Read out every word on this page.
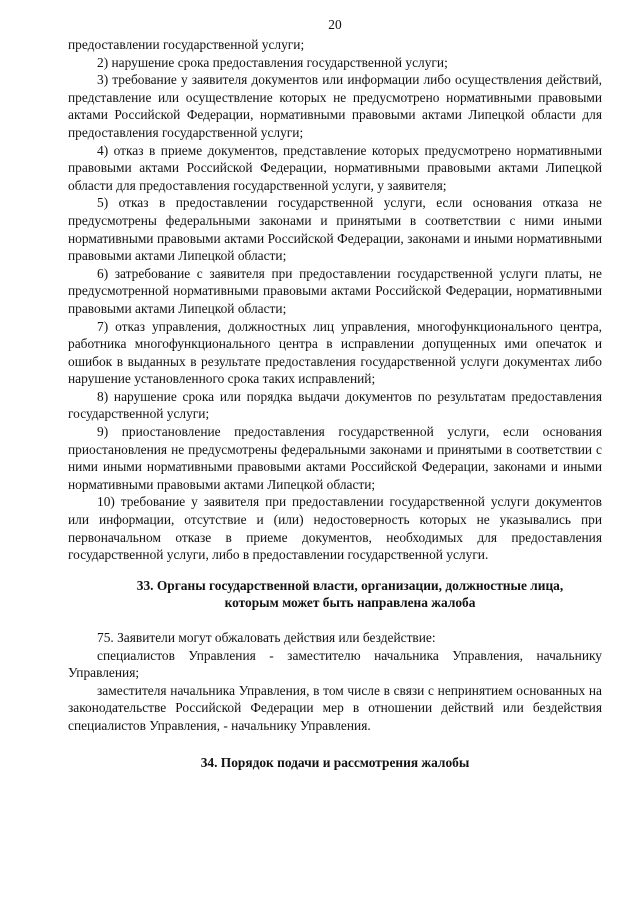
20

предоставлении государственной услуги;

2) нарушение срока предоставления государственной услуги;

3) требование у заявителя документов или информации либо осуществления действий, представление или осуществление которых не предусмотрено нормативными правовыми актами Российской Федерации, нормативными правовыми актами Липецкой области для предоставления государственной услуги;

4) отказ в приеме документов, представление которых предусмотрено нормативными правовыми актами Российской Федерации, нормативными правовыми актами Липецкой области для предоставления государственной услуги, у заявителя;

5) отказ в предоставлении государственной услуги, если основания отказа не предусмотрены федеральными законами и принятыми в соответствии с ними иными нормативными правовыми актами Российской Федерации, законами и иными нормативными правовыми актами Липецкой области;

6) затребование с заявителя при предоставлении государственной услуги платы, не предусмотренной нормативными правовыми актами Российской Федерации, нормативными правовыми актами Липецкой области;

7) отказ управления, должностных лиц управления, многофункционального центра, работника многофункционального центра в исправлении допущенных ими опечаток и ошибок в выданных в результате предоставления государственной услуги документах либо нарушение установленного срока таких исправлений;

8) нарушение срока или порядка выдачи документов по результатам предоставления государственной услуги;

9) приостановление предоставления государственной услуги, если основания приостановления не предусмотрены федеральными законами и принятыми в соответствии с ними иными нормативными правовыми актами Российской Федерации, законами и иными нормативными правовыми актами Липецкой области;

10) требование у заявителя при предоставлении государственной услуги документов или информации, отсутствие и (или) недостоверность которых не указывались при первоначальном отказе в приеме документов, необходимых для предоставления государственной услуги, либо в предоставлении государственной услуги.

33. Органы государственной власти, организации, должностные лица,
которым может быть направлена жалоба

75. Заявители могут обжаловать действия или бездействие:

специалистов Управления - заместителю начальника Управления, начальнику Управления;

заместителя начальника Управления, в том числе в связи с непринятием основанных на законодательстве Российской Федерации мер в отношении действий или бездействия специалистов Управления, - начальнику Управления.

34. Порядок подачи и рассмотрения жалобы
